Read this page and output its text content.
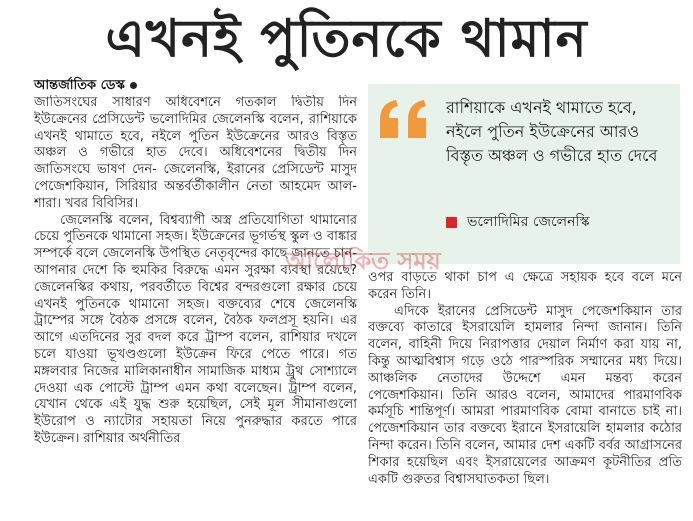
এখনই পুতিনকে থামান
আন্তর্জাতিক ডেস্ক

জাতিসংঘের সাধারণ অধিবেশনে গতকাল দ্বিতীয় দিন ইউক্রেনের প্রেসিডেন্ট ভলোদিমির জেলেনস্কি বলেন, রাশিয়াকে এখনই থামাতে হবে, নইলে পুতিন ইউক্রেনের আরও বিস্তৃত অঞ্চল ও গভীরে হাত দেবে। অধিবেশনের দ্বিতীয় দিন জাতিসংঘে ভাষণ দেন- জেলেনস্কি, ইরানের প্রেসিডেন্ট মাসুদ পেজেশকিয়ান, সিরিয়ার অন্তর্বর্তীকালীন নেতা আহমেদ আল-শারা। খবর বিবিসির।

জেলেনস্কি বলেন, বিশ্বব্যাপী অস্ত্র প্রতিযোগিতা থামানোর চেয়ে পুতিনকে থামানো সহজ। ইউক্রেনের ভূগর্ভস্থ স্কুল ও বাঙ্কার সম্পর্কে বলে জেলেনস্কি উপস্থিত নেতৃবৃন্দের কাছে জানতে চান- আপনার দেশে কি হুমকির বিরুদ্ধে এমন সুরক্ষা ব্যবস্থা রয়েছে? জেলেনস্কির কথায়, পরবর্তীতে বিশ্বের বন্দরগুলো রক্ষার চেয়ে এখনই পুতিনকে থামানো সহজ। বক্তব্যের শেষে জেলেনস্কি ট্রাম্পের সঙ্গে বৈঠক প্রসঙ্গে বলেন, বৈঠক ফলপ্রসূ হয়নি। এর আগে এতদিনের সুর বদল করে ট্রাম্প বলেন, রাশিয়ার দখলে চলে যাওয়া ভূখণ্ডগুলো ইউক্রেন ফিরে পেতে পারে। গত মঙ্গলবার নিজের মালিকানাধীন সামাজিক মাধ্যম ট্রুথ সোশ্যালে দেওয়া এক পোস্টে ট্রাম্প এমন কথা বলেছেন। ট্রাম্প বলেন, যেখান থেকে এই যুদ্ধ শুরু হয়েছিল, সেই মূল সীমানাগুলো ইউরোপ ও ন্যাটোর সহায়তা নিয়ে পুনরুদ্ধার করতে পারে ইউক্রেন। রাশিয়ার অর্থনীতির

রাশিয়াকে এখনই থামাতে হবে, নইলে পুতিন ইউক্রেনের আরও বিস্তৃত অঞ্চল ও গভীরে হাত দেবে

ভলোদিমির জেলেনস্কি

ওপর বাড়তে থাকা চাপ এ ক্ষেত্রে সহায়ক হবে বলে মনে করেন তিনি।

এদিকে ইরানের প্রেসিডেন্ট মাসুদ পেজেশকিয়ান তার বক্তব্যে কাতারে ইসরায়েলি হামলার নিন্দা জানান। তিনি বলেন, বাহিনী দিয়ে নিরাপত্তার দেয়াল নির্মাণ করা যায় না, কিন্তু আত্মবিশ্বাস গড়ে ওঠে পারস্পরিক সম্মানের মধ্য দিয়ে। আঞ্চলিক নেতাদের উদ্দেশে এমন মন্তব্য করেন পেজেশকিয়ান। তিনি আরও বলেন, আমাদের পারমাণবিক কর্মসূচি শান্তিপূর্ণ। আমরা পারমাণবিক বোমা বানাতে চাই না। পেজেশকিয়ান তার বক্তব্যে ইরানে ইসরায়েলি হামলার কঠোর নিন্দা করেন। তিনি বলেন, আমার দেশ একটি বর্বর আগ্রাসনের শিকার হয়েছিল এবং ইসরায়েলের আক্রমণ কূটনীতির প্রতি একটি গুরুতর বিশ্বাসঘাতকতা ছিল।

আলোকিত সময়
